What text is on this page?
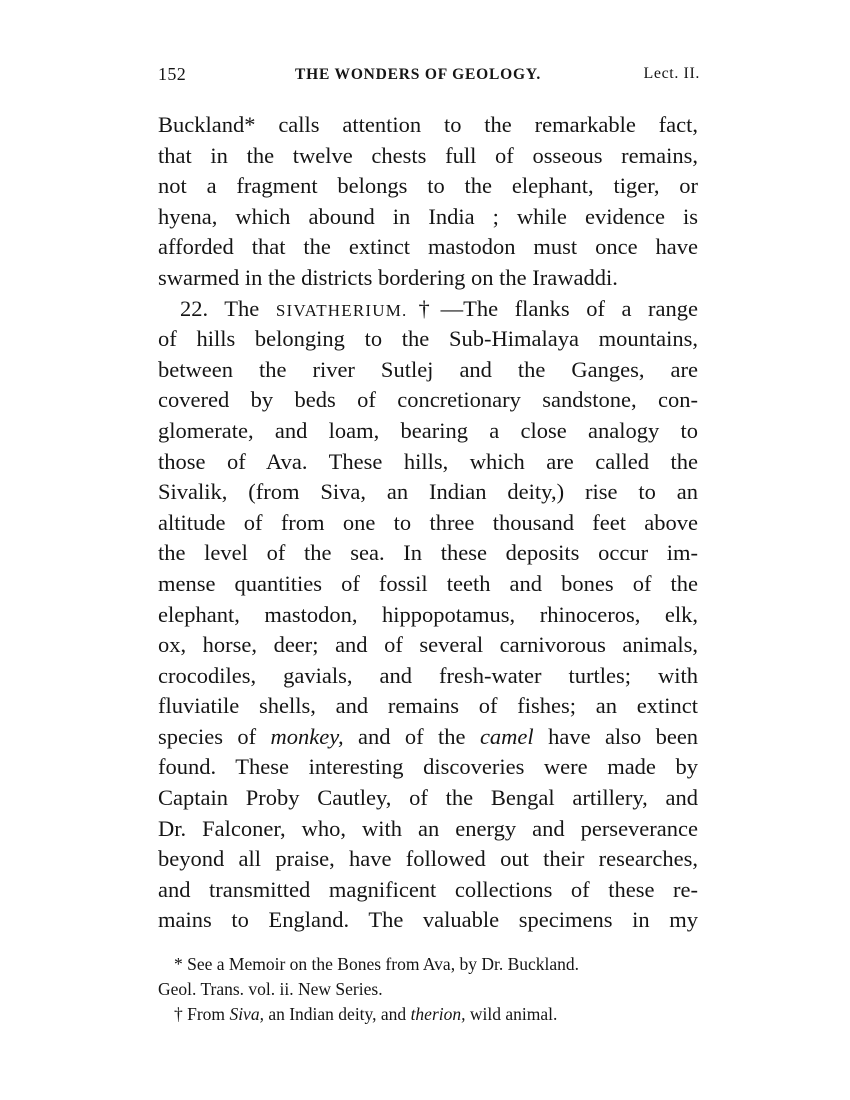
152	THE WONDERS OF GEOLOGY.	Lect. II.
Buckland* calls attention to the remarkable fact,
that in the twelve chests full of osseous remains,
not a fragment belongs to the elephant, tiger, or
hyena, which abound in India ; while evidence is
afforded that the extinct mastodon must once have
swarmed in the districts bordering on the Irawaddi.
22. The SIVATHERIUM.†—The flanks of a range
of hills belonging to the Sub-Himalaya mountains,
between the river Sutlej and the Ganges, are
covered by beds of concretionary sandstone, con-
glomerate, and loam, bearing a close analogy to
those of Ava. These hills, which are called the
Sivalik, (from Siva, an Indian deity,) rise to an
altitude of from one to three thousand feet above
the level of the sea. In these deposits occur im-
mense quantities of fossil teeth and bones of the
elephant, mastodon, hippopotamus, rhinoceros, elk,
ox, horse, deer; and of several carnivorous animals,
crocodiles, gavials, and fresh-water turtles; with
fluviatile shells, and remains of fishes; an extinct
species of monkey, and of the camel have also been
found. These interesting discoveries were made by
Captain Proby Cautley, of the Bengal artillery, and
Dr. Falconer, who, with an energy and perseverance
beyond all praise, have followed out their researches,
and transmitted magnificent collections of these re-
mains to England. The valuable specimens in my
* See a Memoir on the Bones from Ava, by Dr. Buckland.
Geol. Trans. vol. ii. New Series.
† From Siva, an Indian deity, and therion, wild animal.
